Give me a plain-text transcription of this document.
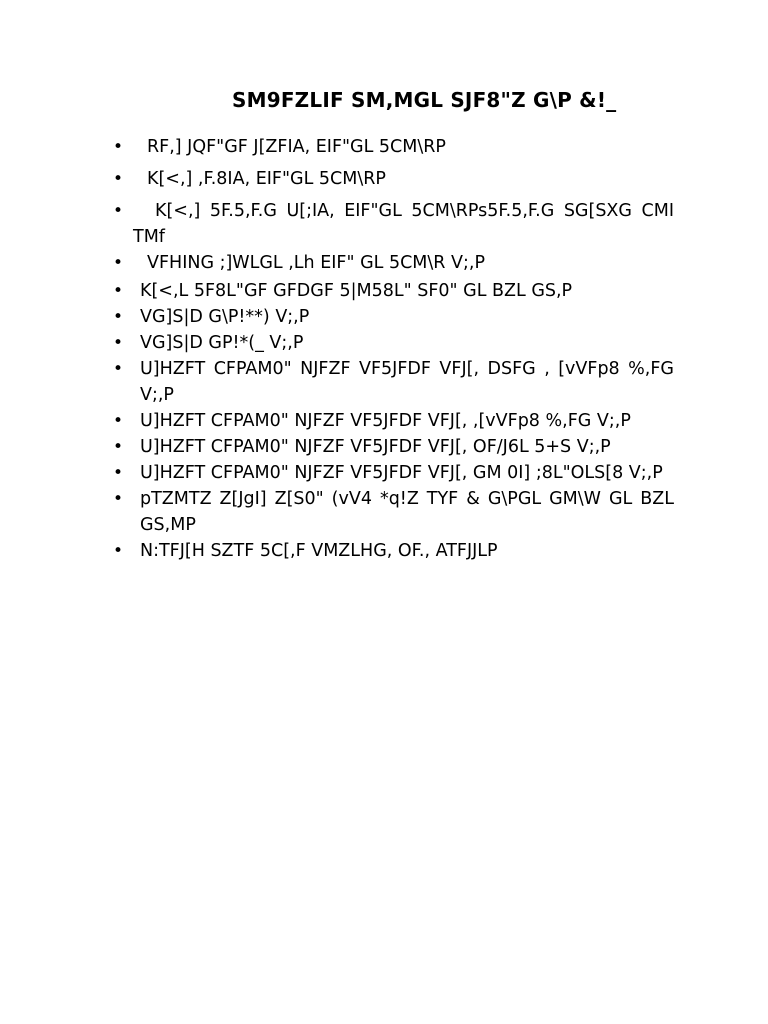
SM9FZLIF SM,MGL SJF8"Z G\P &!_
• RF,] JQF"GF J[ZFIA, EIF"GL 5CM\RP
• K[<,] ,F.8IA, EIF"GL 5CM\RP
•	K[<,] 5F.5,F.G U[;IA, EIF"GL 5CM\RPs5F.5,F.G SG[SXG CMI TMf
• VFHING ;]WLGL ,Lh EIF" GL 5CM\R V;,P
• K[<,L 5F8L"GF GFDGF 5|M58L" SF0" GL BZL GS,P
• VG]S|D G\P!**) V;,P
• VG]S|D GP!*(_ V;,P
• U]HZFT CFPAM0" NJFZF VF5JFDF VFJ[, DSFG , [vVFp8 %,FG V;,P
• U]HZFT CFPAM0" NJFZF VF5JFDF VFJ[, ,[vVFp8 %,FG V;,P
• U]HZFT CFPAM0" NJFZF VF5JFDF VFJ[, OF/J6L 5+S V;,P
• U]HZFT CFPAM0" NJFZF VF5JFDF VFJ[, GM 0I] ;8L"OLS[8 V;,P
• pTZMTZ Z[JgI] Z[S0" (vV4 *q!Z TYF & G\PGL GM\W GL BZL GS,MP
• N:TFJ[H SZTF 5C[,F VMZLHG, OF., ATFJJLP
